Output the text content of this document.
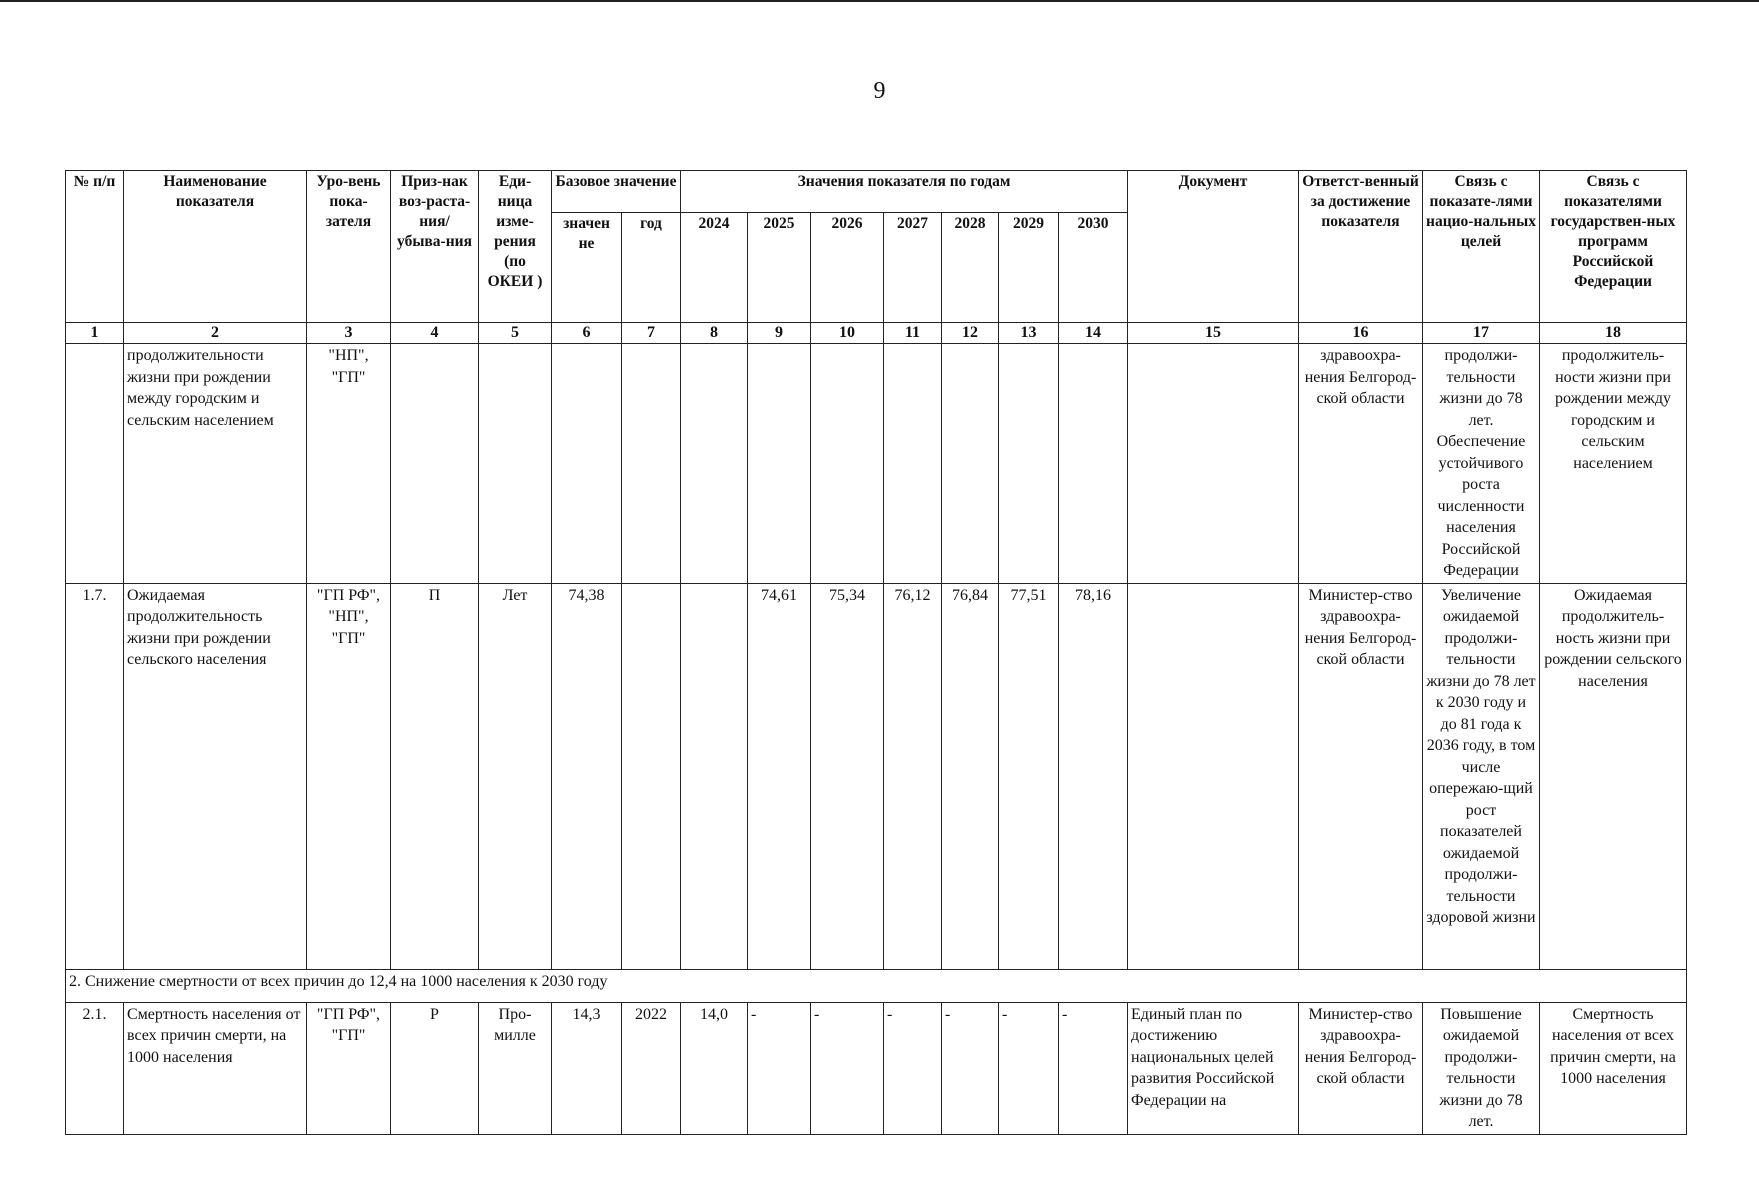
9
№ п/п	Наименование показателя	Уро-вень пока-зателя	Приз-нак воз-раста-ния/ убыва-ния	Еди-ница изме-рения (по ОКЕИ )	Базовое значение		Значения показателя по годам							Документ	Ответст-венный за достижение показателя	Связь с показате-лями нацио-нальных целей	Связь с показателями государствен-ных программ Российской Федерации
					значен не	год	2024	2025	2026	2027	2028	2029	2030				
1	2	3	4	5	6	7	8	9	10	11	12	13	14	15	16	17	18
	продолжительности жизни при рождении между городским и сельским населением	"НП", "ГП"													здравоохра-нения Белгород-ской области	продолжи-тельности жизни до 78 лет. Обеспечение устойчивого роста численности населения Российской Федерации	продолжитель-ности жизни при рождении между городским и сельским населением
1.7.	Ожидаемая продолжительность жизни при рождении сельского населения	"ГП РФ", "НП", "ГП"	П	Лет	74,38			74,61	75,34	76,12	76,84	77,51	78,16		Министер-ство здравоохра-нения Белгород-ской области	Увеличение ожидаемой продолжи-тельности жизни до 78 лет к 2030 году и до 81 года к 2036 году, в том числе опережаю-щий рост показателей ожидаемой продолжи-тельности здоровой жизни	Ожидаемая продолжитель-ность жизни при рождении сельского населения
2. Снижение смертности от всех причин до 12,4 на 1000 населения к 2030 году																	
2.1.	Смертность населения от всех причин смерти, на 1000 населения	"ГП РФ", "ГП"	Р	Про-милле	14,3	2022	14,0	-	-	-	-	-	-	Единый план по достижению национальных целей развития Российской Федерации на	Министер-ство здравоохра-нения Белгород-ской области	Повышение ожидаемой продолжи-тельности жизни до 78 лет.	Смертность населения от всех причин смерти, на 1000 населения
